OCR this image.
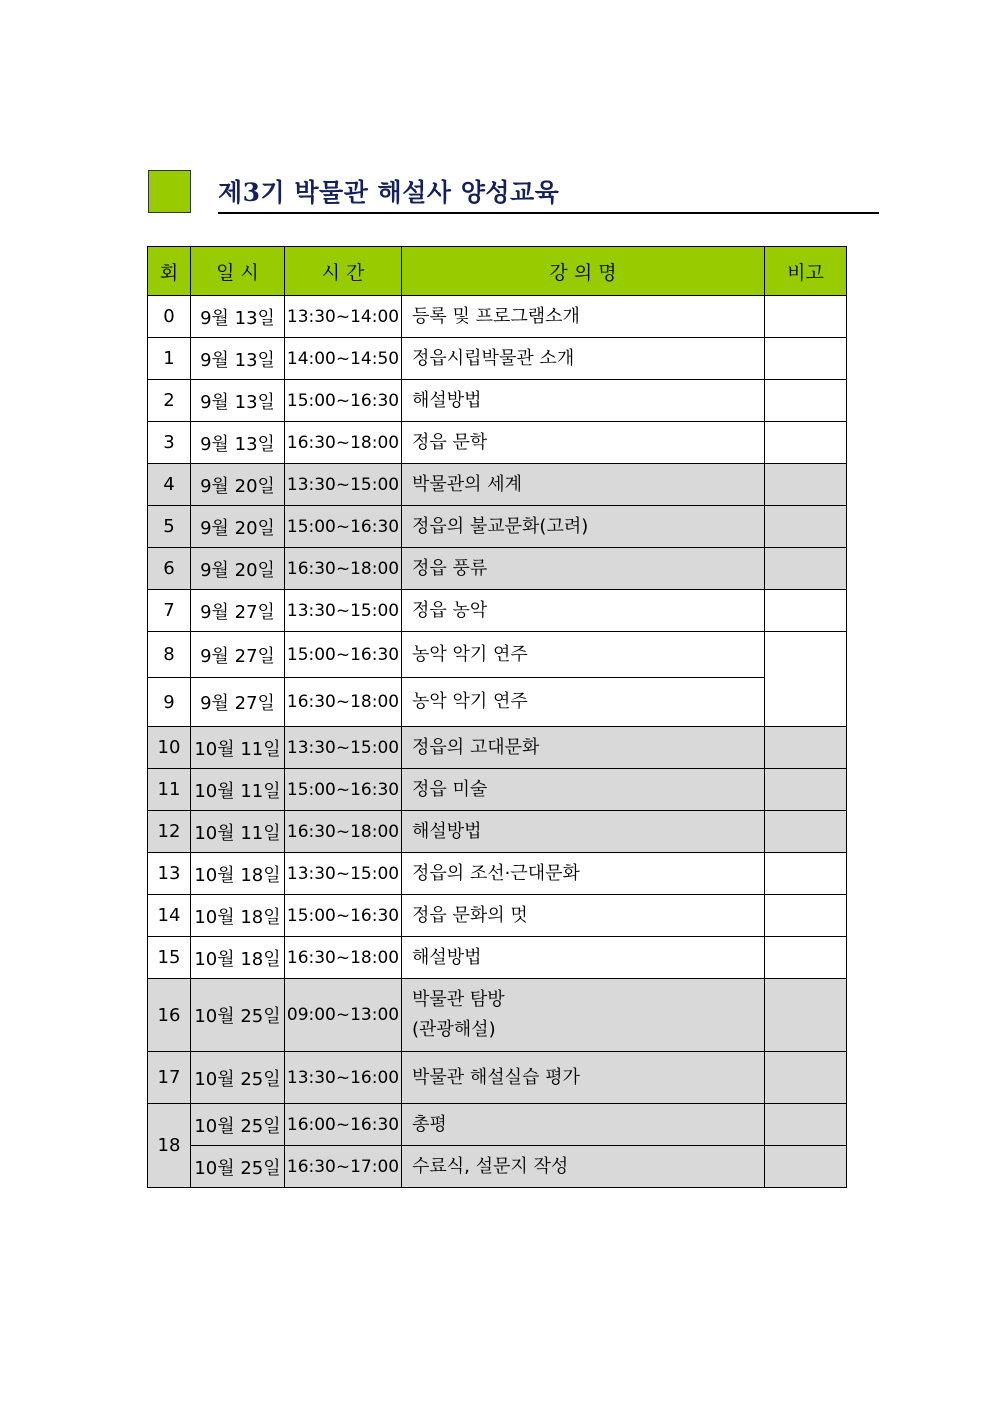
제3기 박물관 해설사 양성교육
회	일 시	시 간	강 의 명	비고
0	9월 13일	13:30~14:00	등록 및 프로그램소개	
1	9월 13일	14:00~14:50	정읍시립박물관 소개	
2	9월 13일	15:00~16:30	해설방법	
3	9월 13일	16:30~18:00	정읍 문학	
4	9월 20일	13:30~15:00	박물관의 세계	
5	9월 20일	15:00~16:30	정읍의 불교문화(고려)	
6	9월 20일	16:30~18:00	정읍 풍류	
7	9월 27일	13:30~15:00	정읍 농악	
8	9월 27일	15:00~16:30	농악 악기 연주	
9	9월 27일	16:30~18:00	농악 악기 연주	
10	10월 11일	13:30~15:00	정읍의 고대문화	
11	10월 11일	15:00~16:30	정읍 미술	
12	10월 11일	16:30~18:00	해설방법	
13	10월 18일	13:30~15:00	정읍의 조선·근대문화	
14	10월 18일	15:00~16:30	정읍 문화의 멋	
15	10월 18일	16:30~18:00	해설방법	
16	10월 25일	09:00~13:00	박물관 탐방
(관광해설)	

17	10월 25일	13:30~16:00	박물관 해설실습 평가	
18	10월 25일	16:00~16:30	총평	
	10월 25일	16:30~17:00	수료식, 설문지 작성	
